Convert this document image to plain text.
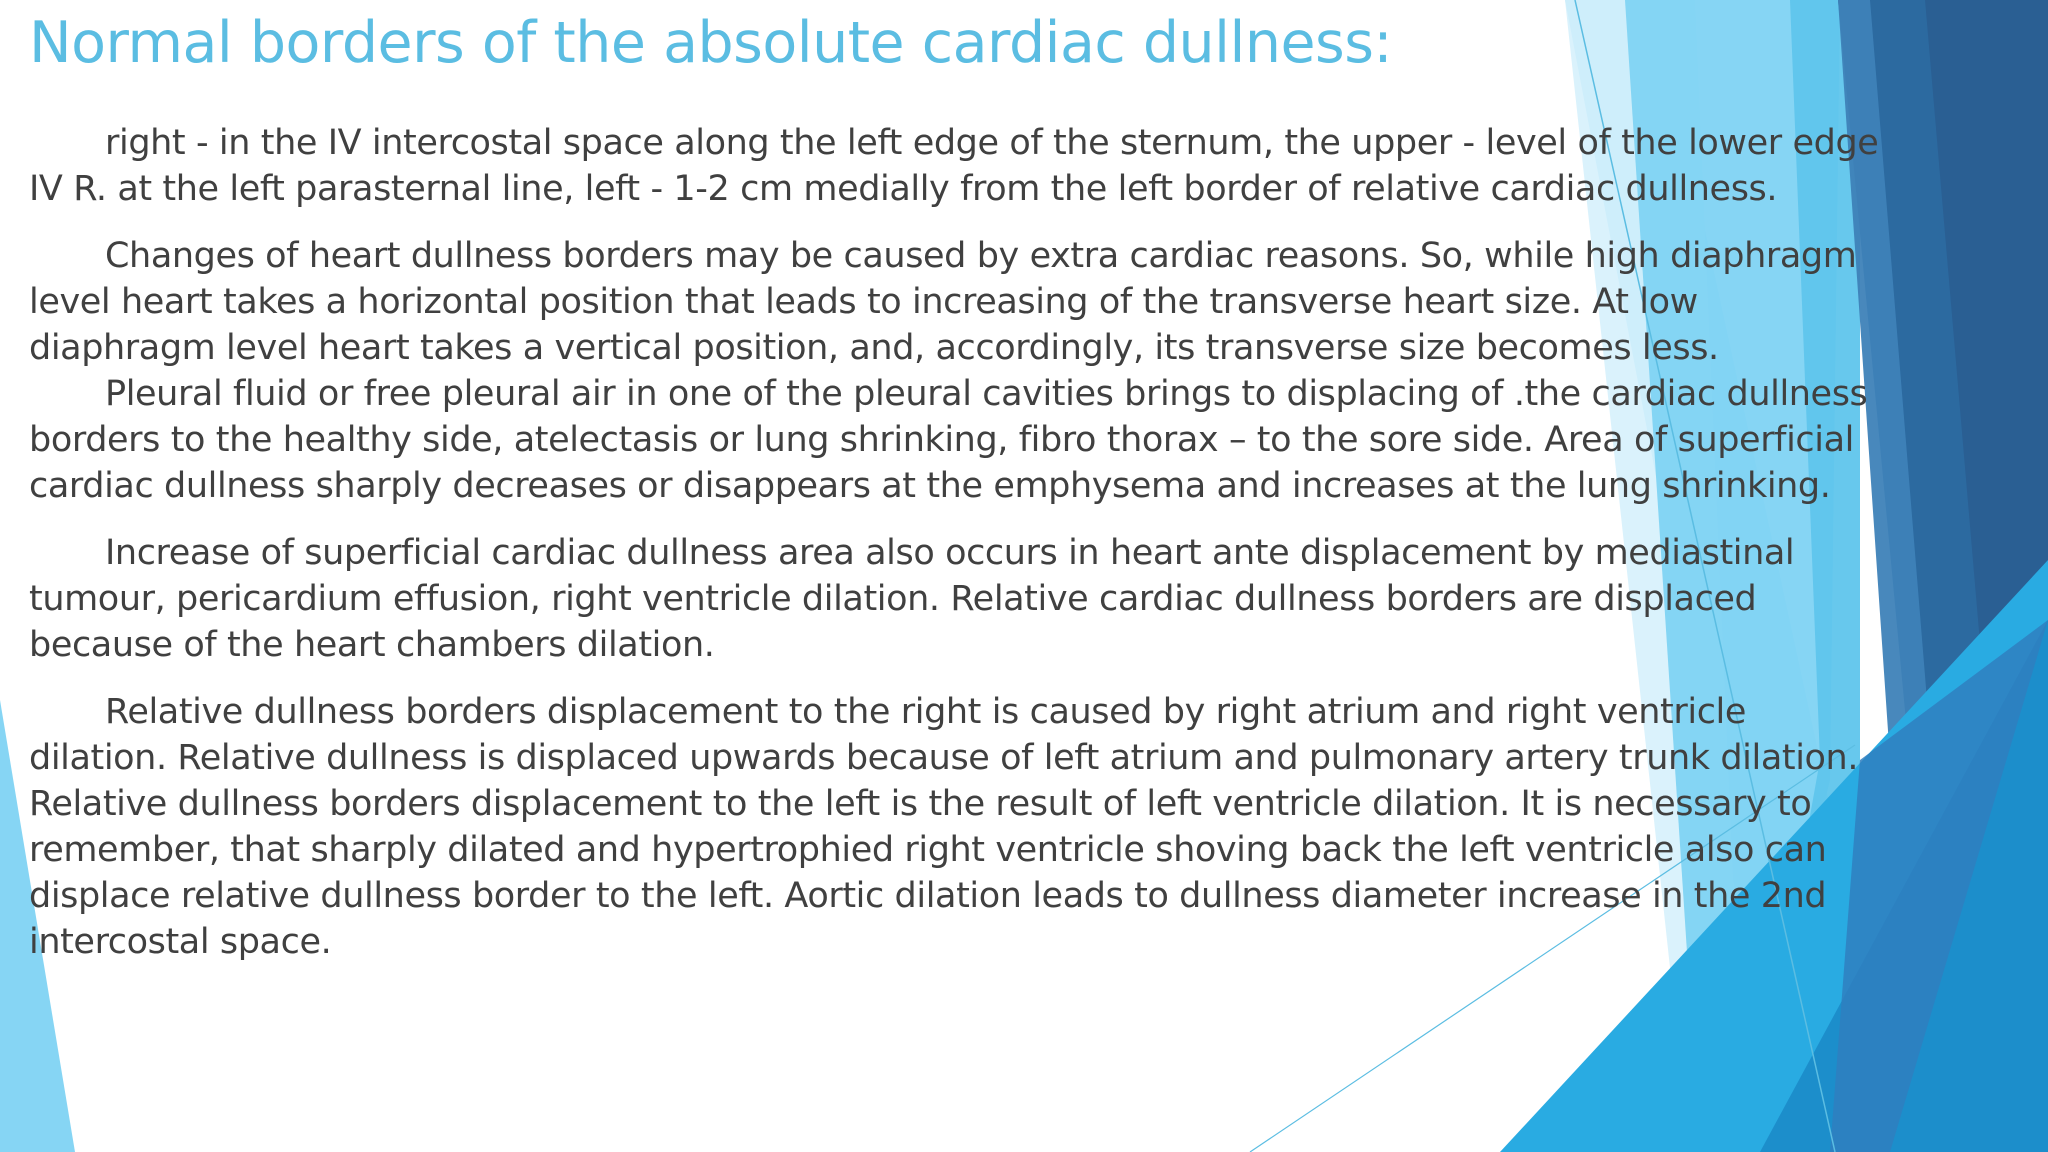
Normal borders of the absolute cardiac dullness:

right - in the IV intercostal space along the left edge of the sternum, the upper - level of the lower edge IV R. at the left parasternal line, left - 1-2 cm medially from the left border of relative cardiac dullness.

Changes of heart dullness borders may be caused by extra cardiac reasons. So, while high diaphragm level heart takes a horizontal position that leads to increasing of the transverse heart size. At low diaphragm level heart takes a vertical position, and, accordingly, its transverse size becomes less.

Pleural fluid or free pleural air in one of the pleural cavities brings to displacing of .the cardiac dullness borders to the healthy side, atelectasis or lung shrinking, fibro thorax – to the sore side. Area of superficial cardiac dullness sharply decreases or disappears at the emphysema and increases at the lung shrinking.

Increase of superficial cardiac dullness area also occurs in heart ante displacement by mediastinal tumour, pericardium effusion, right ventricle dilation. Relative cardiac dullness borders are displaced because of the heart chambers dilation.

Relative dullness borders displacement to the right is caused by right atrium and right ventricle dilation. Relative dullness is displaced upwards because of left atrium and pulmonary artery trunk dilation. Relative dullness borders displacement to the left is the result of left ventricle dilation. It is necessary to remember, that sharply dilated and hypertrophied right ventricle shoving back the left ventricle also can displace relative dullness border to the left. Aortic dilation leads to dullness diameter increase in the 2nd intercostal space.
